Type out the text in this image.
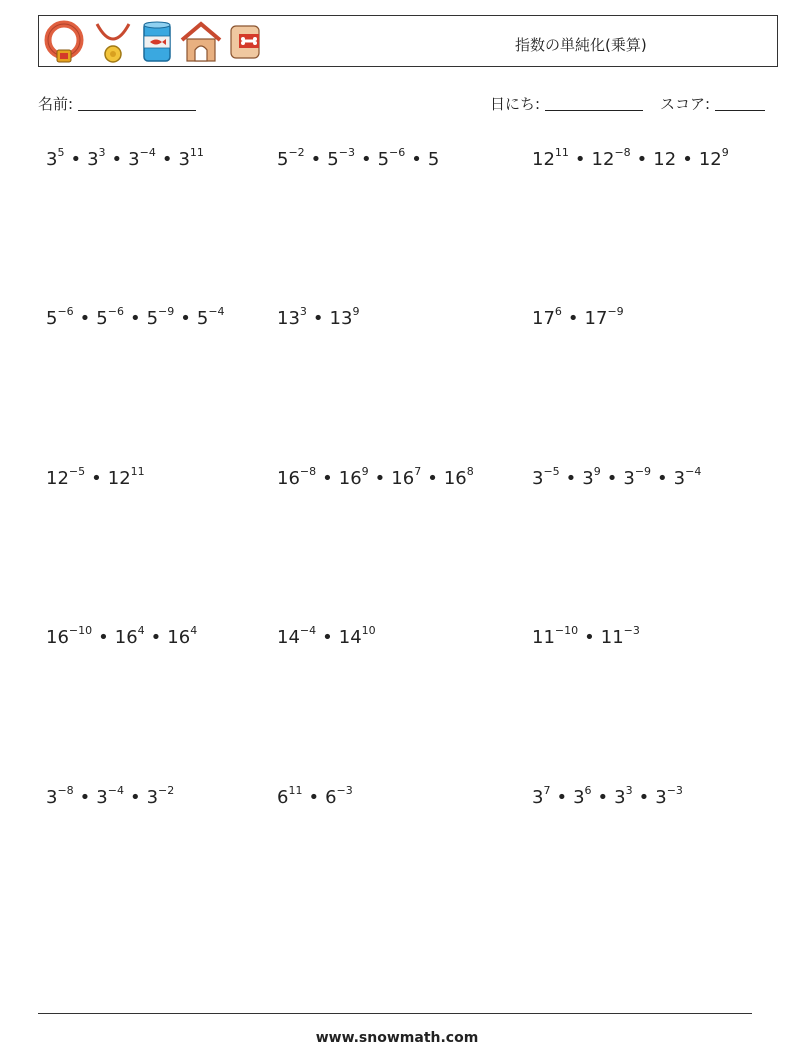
指数の単純化(乗算)
名前:	日にち:	スコア:
$3^5$ • $3^3$ • $3^{-4}$ • $3^{11}$	$5^{-2}$ • $5^{-3}$ • $5^{-6}$ • 5	$12^{11}$ • $12^{-8}$ • 12 • $12^9$
$5^{-6}$ • $5^{-6}$ • $5^{-9}$ • $5^{-4}$	$13^3$ • $13^9$	$17^6$ • $17^{-9}$
$12^{-5}$ • $12^{11}$	$16^{-8}$ • $16^9$ • $16^7$ • $16^8$	$3^{-5}$ • $3^9$ • $3^{-9}$ • $3^{-4}$
$16^{-10}$ • $16^4$ • $16^4$	$14^{-4}$ • $14^{10}$	$11^{-10}$ • $11^{-3}$
$3^{-8}$ • $3^{-4}$ • $3^{-2}$	$6^{11}$ • $6^{-3}$	$3^7$ • $3^6$ • $3^3$ • $3^{-3}$
www.snowmath.com
